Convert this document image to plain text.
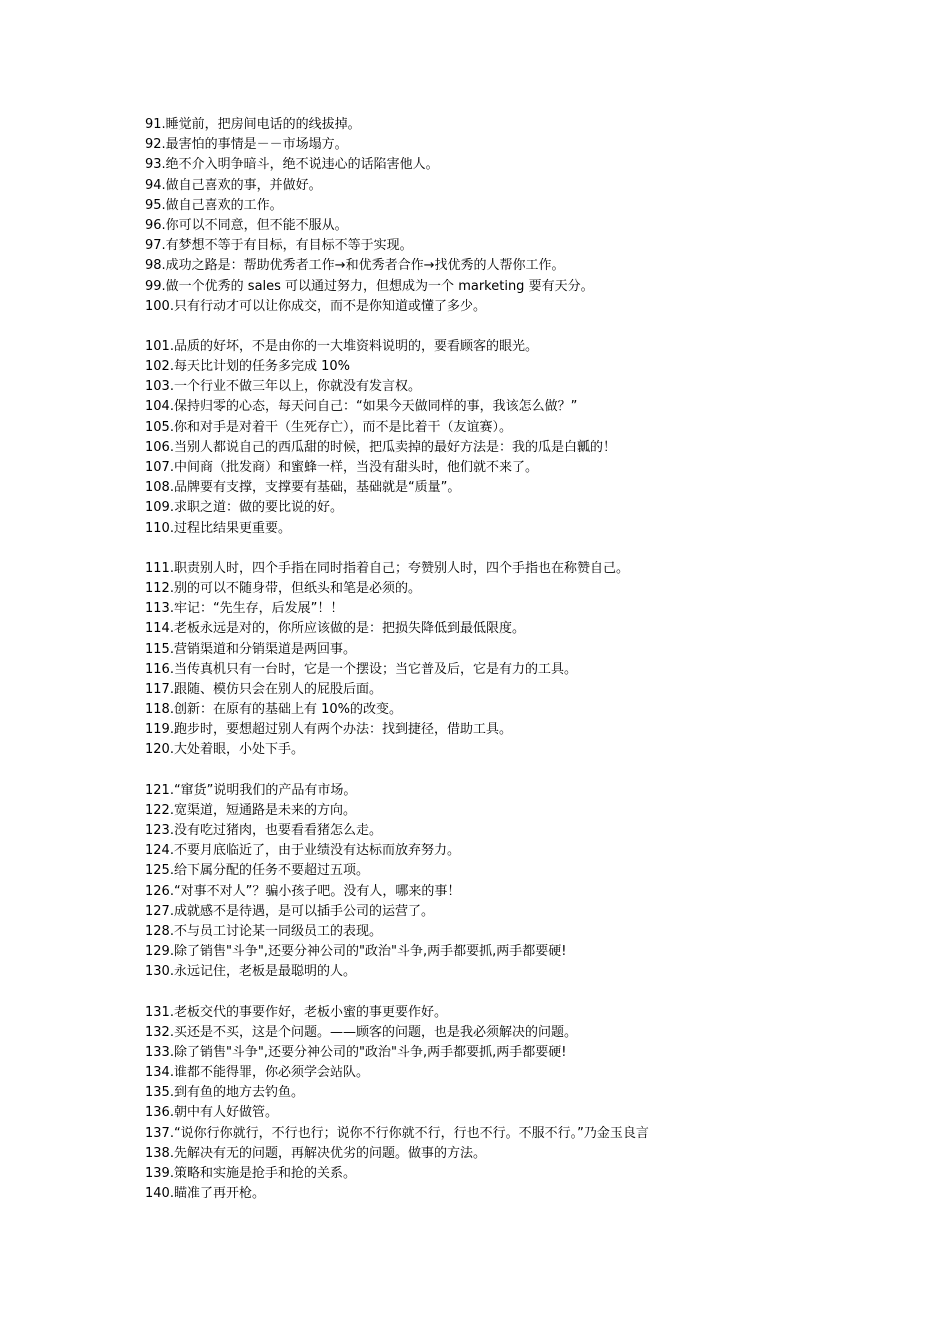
91.睡觉前，把房间电话的的线拔掉。
92.最害怕的事情是－－市场塌方。
93.绝不介入明争暗斗，绝不说违心的话陷害他人。
94.做自己喜欢的事，并做好。
95.做自己喜欢的工作。
96.你可以不同意，但不能不服从。
97.有梦想不等于有目标，有目标不等于实现。
98.成功之路是：帮助优秀者工作→和优秀者合作→找优秀的人帮你工作。
99.做一个优秀的 sales 可以通过努力，但想成为一个 marketing 要有天分。
100.只有行动才可以让你成交，而不是你知道或懂了多少。
101.品质的好坏，不是由你的一大堆资料说明的，要看顾客的眼光。
102.每天比计划的任务多完成 10%
103.一个行业不做三年以上，你就没有发言权。
104.保持归零的心态，每天问自己：“如果今天做同样的事，我该怎么做？”
105.你和对手是对着干（生死存亡），而不是比着干（友谊赛）。
106.当别人都说自己的西瓜甜的时候，把瓜卖掉的最好方法是：我的瓜是白瓤的！
107.中间商（批发商）和蜜蜂一样，当没有甜头时，他们就不来了。
108.品牌要有支撑，支撑要有基础，基础就是“质量”。
109.求职之道：做的要比说的好。
110.过程比结果更重要。
111.职责别人时，四个手指在同时指着自己；夸赞别人时，四个手指也在称赞自己。
112.别的可以不随身带，但纸头和笔是必须的。
113.牢记：“先生存，后发展”！！
114.老板永远是对的，你所应该做的是：把损失降低到最低限度。
115.营销渠道和分销渠道是两回事。
116.当传真机只有一台时，它是一个摆设；当它普及后，它是有力的工具。
117.跟随、模仿只会在别人的屁股后面。
118.创新：在原有的基础上有 10%的改变。
119.跑步时，要想超过别人有两个办法：找到捷径，借助工具。
120.大处着眼，小处下手。
121.“窜货”说明我们的产品有市场。
122.宽渠道，短通路是未来的方向。
123.没有吃过猪肉，也要看看猪怎么走。
124.不要月底临近了，由于业绩没有达标而放弃努力。
125.给下属分配的任务不要超过五项。
126.“对事不对人”？骗小孩子吧。没有人，哪来的事！
127.成就感不是待遇，是可以插手公司的运营了。
128.不与员工讨论某一同级员工的表现。
129.除了销售"斗争",还要分神公司的"政治"斗争,两手都要抓,两手都要硬!
130.永远记住，老板是最聪明的人。
131.老板交代的事要作好，老板小蜜的事更要作好。
132.买还是不买，这是个问题。——顾客的问题，也是我必须解决的问题。
133.除了销售"斗争",还要分神公司的"政治"斗争,两手都要抓,两手都要硬!
134.谁都不能得罪，你必须学会站队。
135.到有鱼的地方去钓鱼。
136.朝中有人好做管。
137.“说你行你就行，不行也行；说你不行你就不行，行也不行。不服不行。”乃金玉良言
138.先解决有无的问题，再解决优劣的问题。做事的方法。
139.策略和实施是抢手和抢的关系。
140.瞄准了再开枪。
